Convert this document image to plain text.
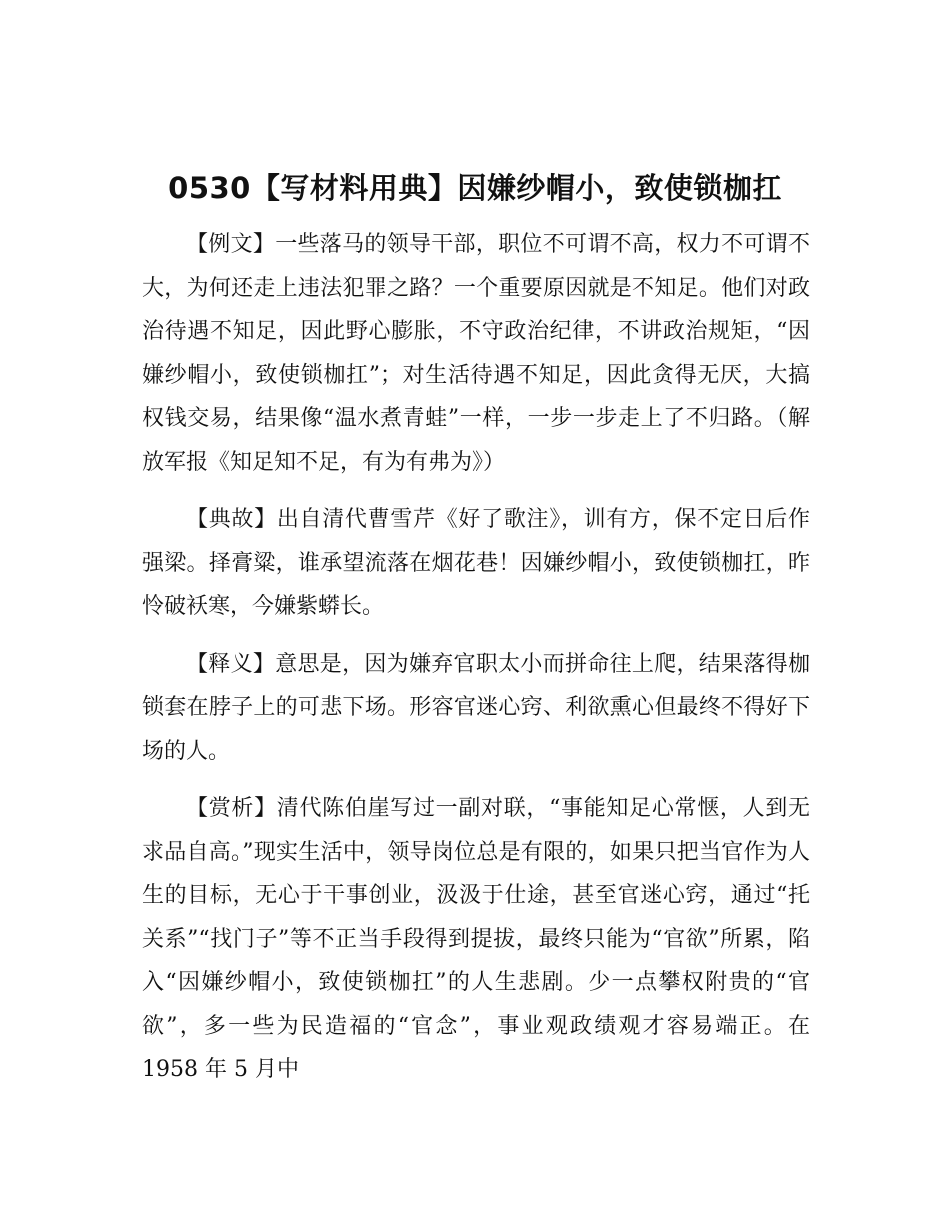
0530【写材料用典】因嫌纱帽小，致使锁枷扛

【例文】一些落马的领导干部，职位不可谓不高，权力不可谓不大，为何还走上违法犯罪之路？一个重要原因就是不知足。他们对政治待遇不知足，因此野心膨胀，不守政治纪律，不讲政治规矩，“因嫌纱帽小，致使锁枷扛”；对生活待遇不知足，因此贪得无厌，大搞权钱交易，结果像“温水煮青蛙”一样，一步一步走上了不归路。（解放军报《知足知不足，有为有弗为》）

【典故】出自清代曹雪芹《好了歌注》，训有方，保不定日后作强梁。择膏粱，谁承望流落在烟花巷！因嫌纱帽小，致使锁枷扛，昨怜破袄寒，今嫌紫蟒长。

【释义】意思是，因为嫌弃官职太小而拼命往上爬，结果落得枷锁套在脖子上的可悲下场。形容官迷心窍、利欲熏心但最终不得好下场的人。

【赏析】清代陈伯崖写过一副对联，“事能知足心常惬，人到无求品自高。”现实生活中，领导岗位总是有限的，如果只把当官作为人生的目标，无心于干事创业，汲汲于仕途，甚至官迷心窍，通过“托关系”“找门子”等不正当手段得到提拔，最终只能为“官欲”所累，陷入“因嫌纱帽小，致使锁枷扛”的人生悲剧。少一点攀权附贵的“官欲”，多一些为民造福的“官念”，事业观政绩观才容易端正。在 1958 年 5 月中
